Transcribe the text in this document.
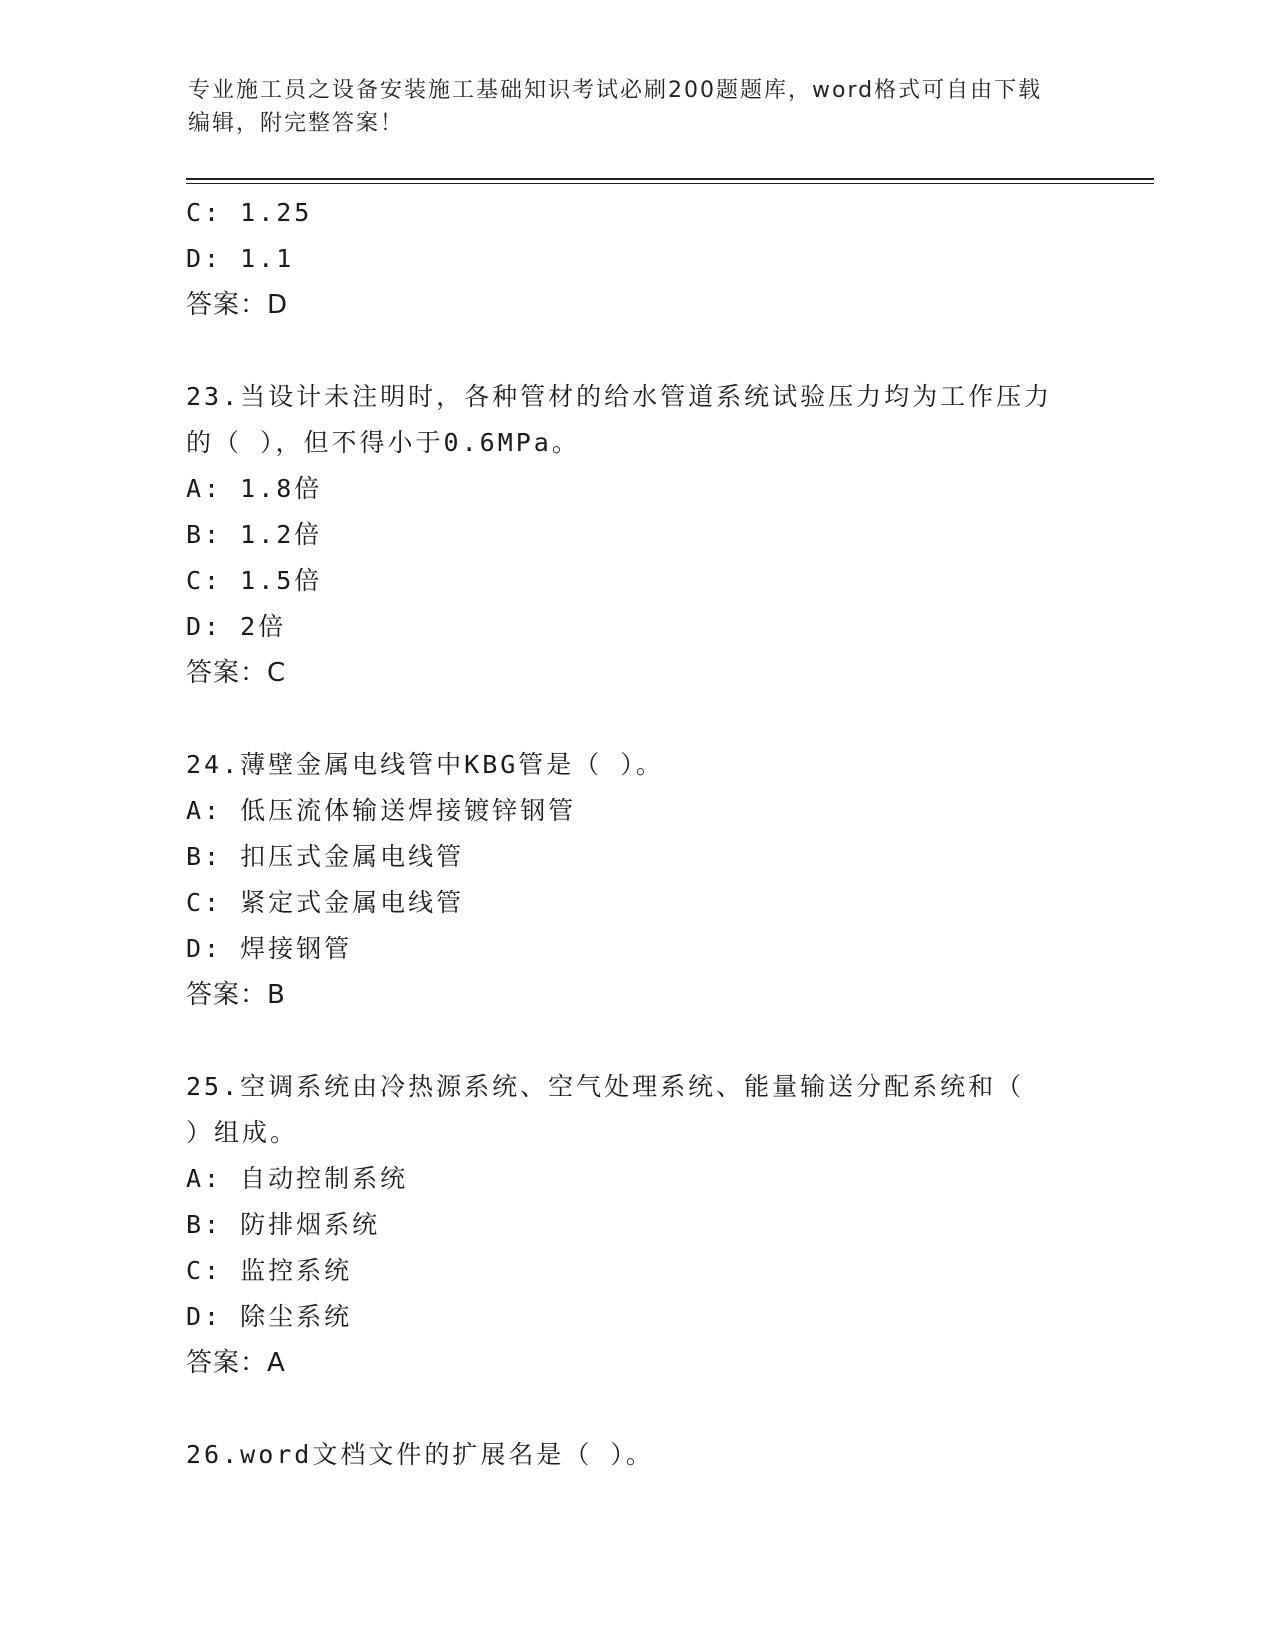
专业施工员之设备安装施工基础知识考试必刷200题题库，word格式可自由下载
编辑，附完整答案！
C: 1.25
D: 1.1
答案：D
23.当设计未注明时，各种管材的给水管道系统试验压力均为工作压力
的（ ），但不得小于0.6MPa。
A: 1.8倍
B: 1.2倍
C: 1.5倍
D: 2倍
答案：C
24.薄壁金属电线管中KBG管是（ ）。
A: 低压流体输送焊接镀锌钢管
B: 扣压式金属电线管
C: 紧定式金属电线管
D: 焊接钢管
答案：B
25.空调系统由冷热源系统、空气处理系统、能量输送分配系统和（
）组成。
A: 自动控制系统
B: 防排烟系统
C: 监控系统
D: 除尘系统
答案：A
26.word文档文件的扩展名是（ ）。
